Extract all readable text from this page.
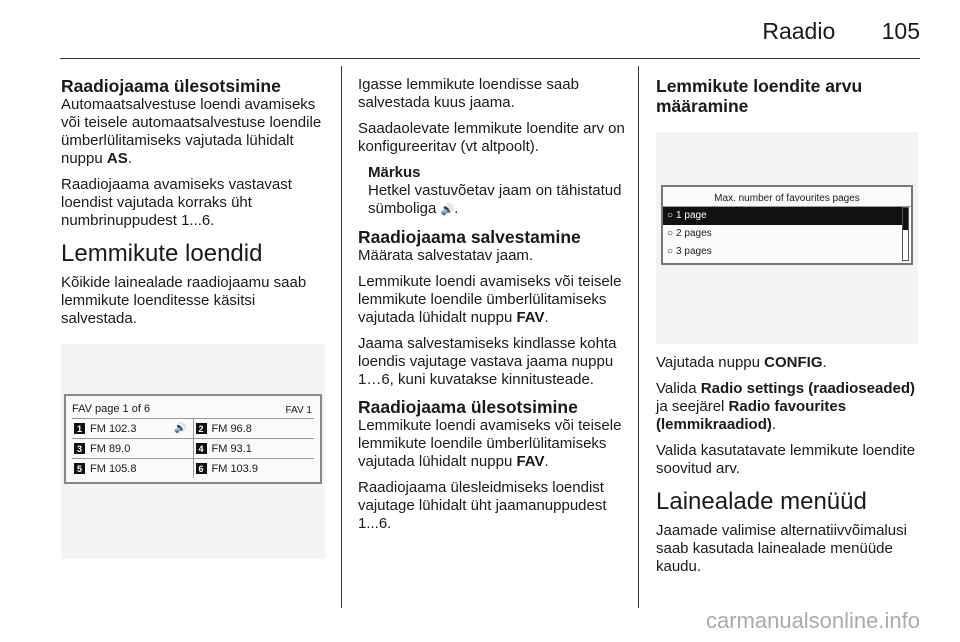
Raadio 105
Raadiojaama ülesotsimine

Automaatsalvestuse loendi avamiseks või teisele automaatsalvestuse loendile ümberlülitamiseks vajutada lühidalt nuppu AS.

Raadiojaama avamiseks vastavast loendist vajutada korraks üht numbrinuppudest 1...6.

Lemmikute loendid

Kõikide lainealade raadiojaamu saab lemmikute loenditesse käsitsi salvestada.

FAV page 1 of 6	FAV 1
1 FM 102.3	🔊	2 FM 96.8
3 FM 89.0	4 FM 93.1
5 FM 105.8	6 FM 103.9

Igasse lemmikute loendisse saab salvestada kuus jaama.

Saadaolevate lemmikute loendite arv on konfigureeritav (vt altpoolt).

Märkus
Hetkel vastuvõetav jaam on tähistatud sümboliga 🔊.
Raadiojaama salvestamine

Määrata salvestatav jaam.

Lemmikute loendi avamiseks või teisele lemmikute loendile ümberlülitamiseks vajutada lühidalt nuppu FAV.

Jaama salvestamiseks kindlasse kohta loendis vajutage vastava jaama nuppu 1…6, kuni kuvatakse kinnitusteade.

Raadiojaama ülesotsimine

Lemmikute loendi avamiseks või teisele lemmikute loendile ümberlülitamiseks vajutada lühidalt nuppu FAV.

Raadiojaama ülesleidmiseks loendist vajutage lühidalt üht jaamanuppudest 1...6.

Lemmikute loendite arvu määramine
Max. number of favourites pages
○ 1 page
○ 2 pages
○ 3 pages

Vajutada nuppu CONFIG.

Valida Radio settings (raadioseaded) ja seejärel Radio favourites (lemmikraadiod).

Valida kasutatavate lemmikute loendite soovitud arv.

Lainealade menüüd

Jaamade valimise alternatiivvõimalusi saab kasutada lainealade menüüde kaudu.

carmanualsonline.info
